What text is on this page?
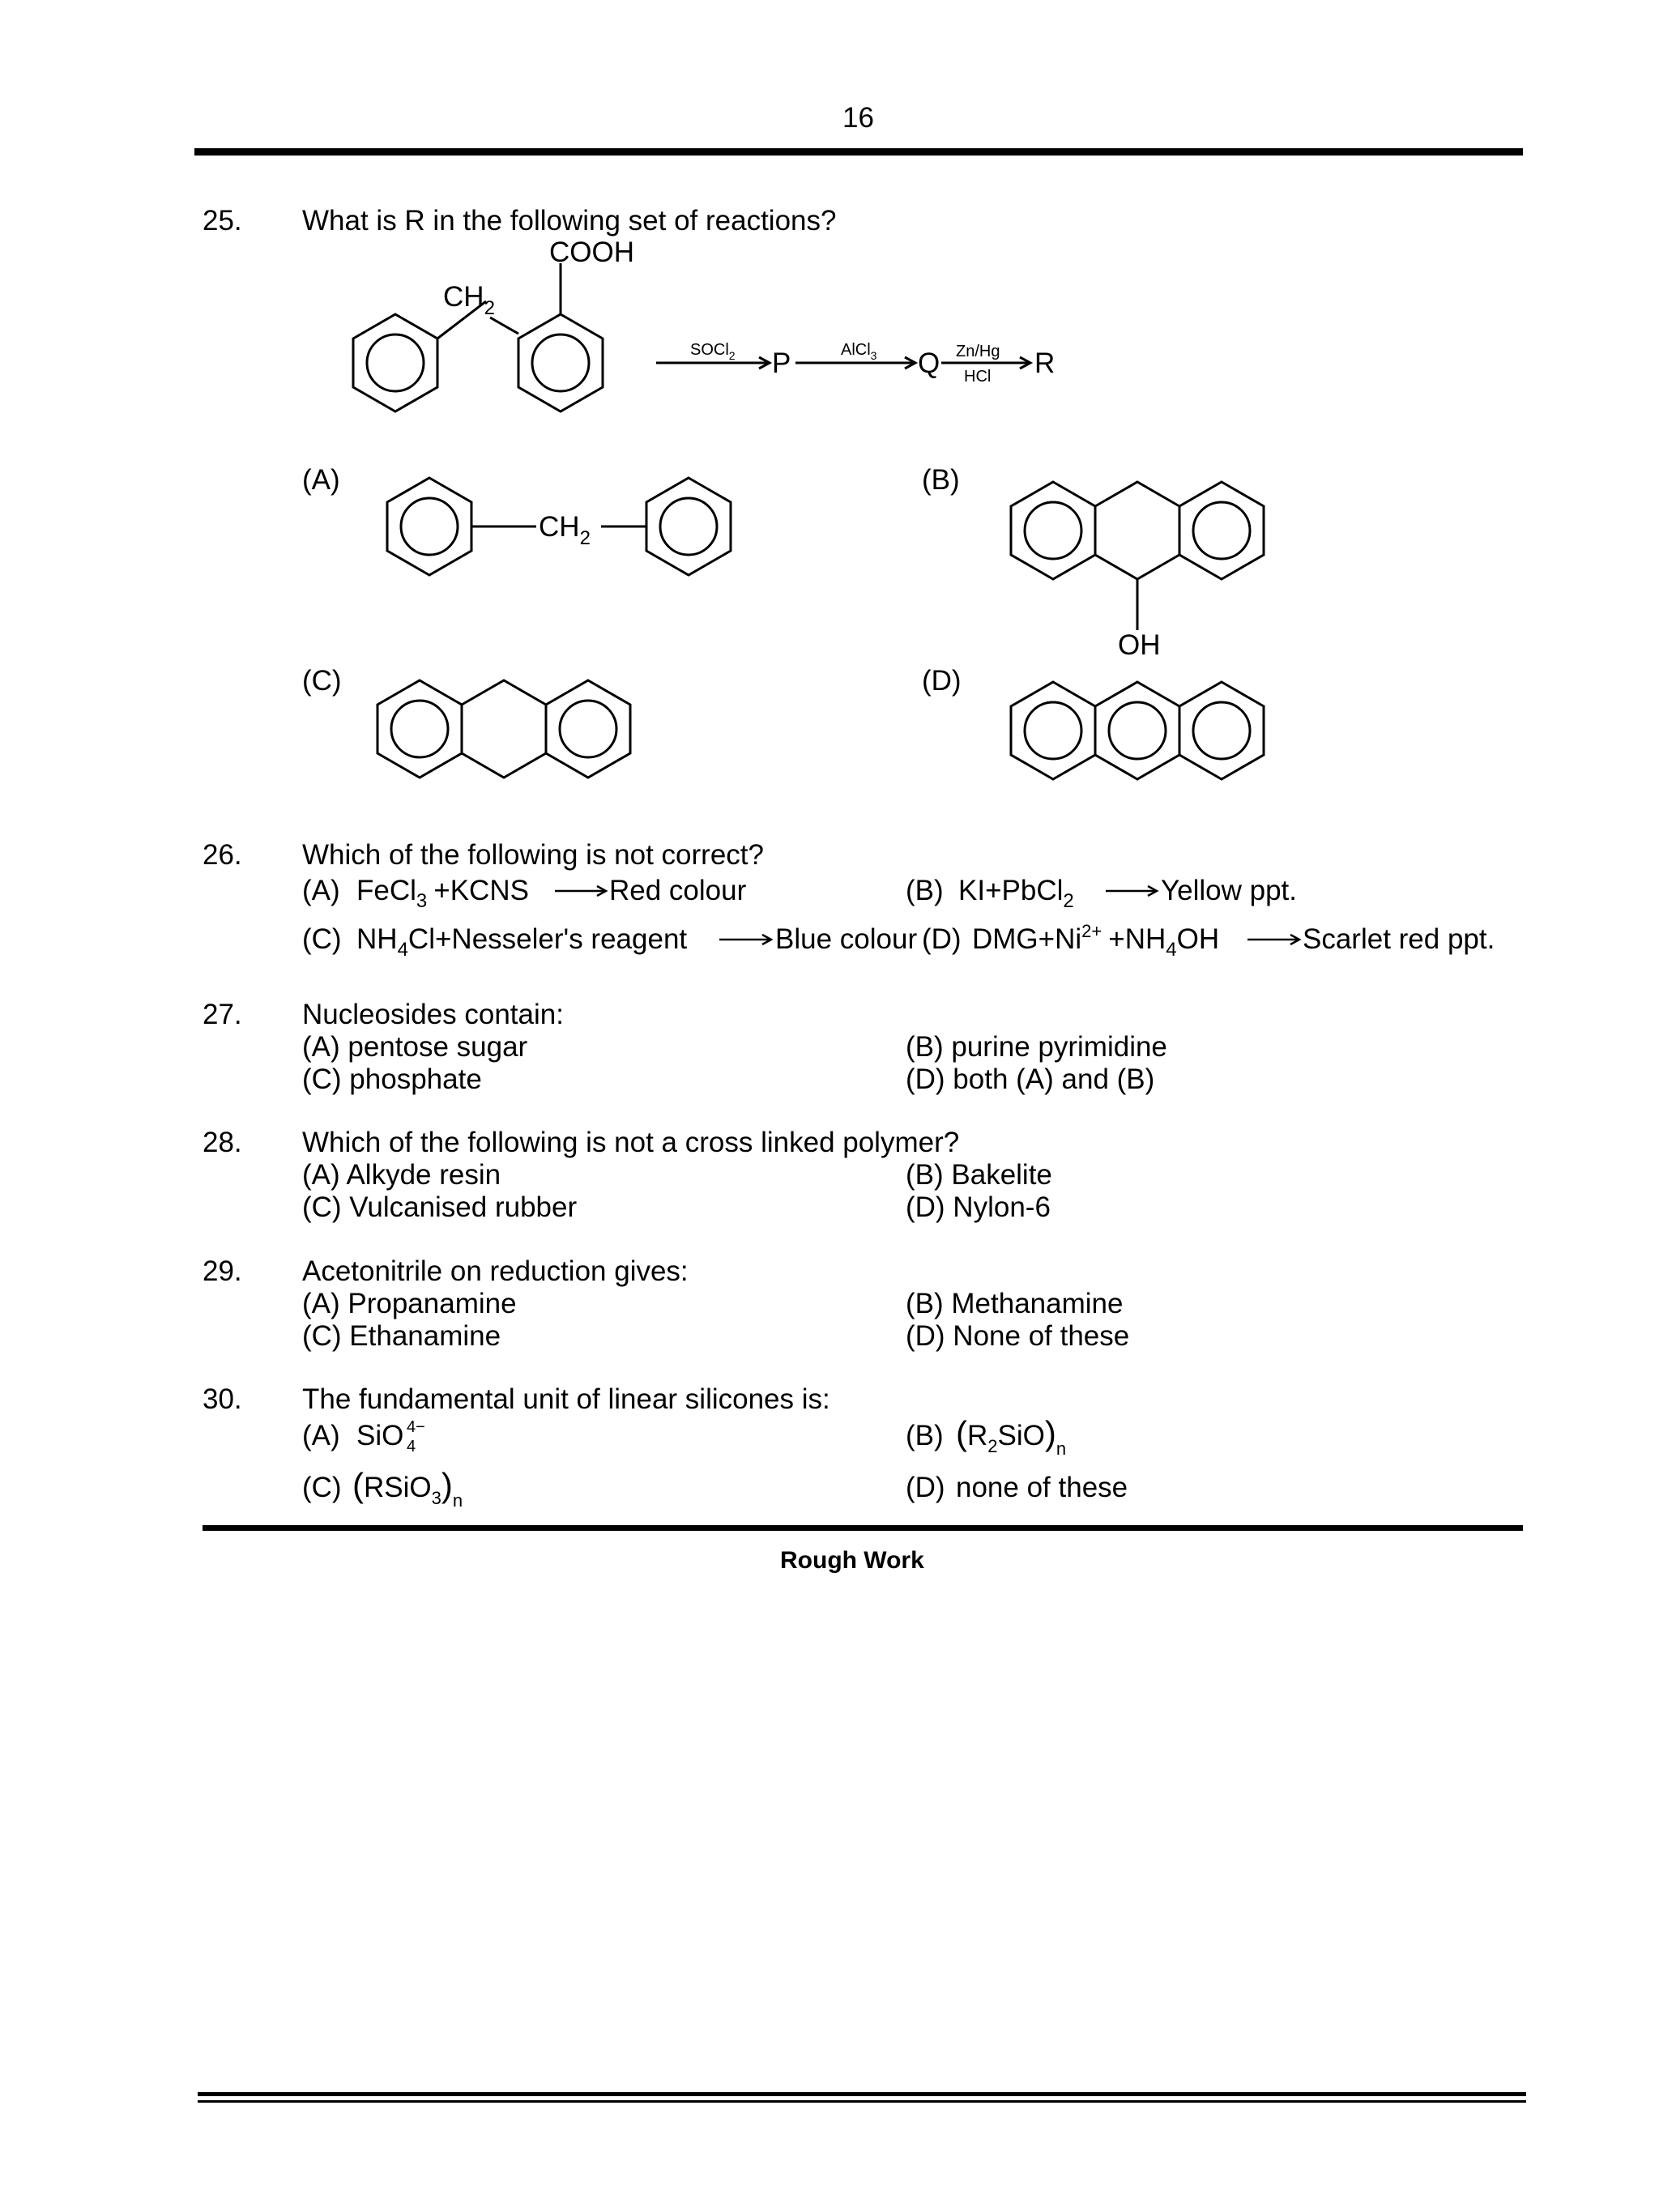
16
25. What is R in the following set of reactions?
COOH
$CH_2$
SOCl$_2$ P	AlCl$_3$ Q Zn/Hg
HCl R
$CH_2$
OH
(A)	(B)
(C)	(D)
26. Which of the following is not correct?
(A) FeCl$_3$ +KCNS	Red colour	(B) KI+PbCl$_2$	Yellow ppt.
(C) $NH_4Cl+Nesseler's$ reagent	Blue colour (D) $DMG+Ni^{2+} +NH_4OH$	Scarlet red ppt.
27. Nucleosides contain:
(A) pentose sugar	(B) purine pyrimidine
(C) phosphate	(D) both (A) and (B)
28. Which of the following is not a cross linked polymer?
(A) Alkyde resin	(B) Bakelite
(C) Vulcanised rubber	(D) Nylon-6
29. Acetonitrile on reduction gives:
(A) Propanamine	(B) Methanamine
(C) Ethanamine	(D) None of these
30. The fundamental unit of linear silicones is:
(A) SiO 4− 4	(B) $(R_2SiO)_n$
(C) $(RSiO_3)_n$	(D) none of these
Rough Work
